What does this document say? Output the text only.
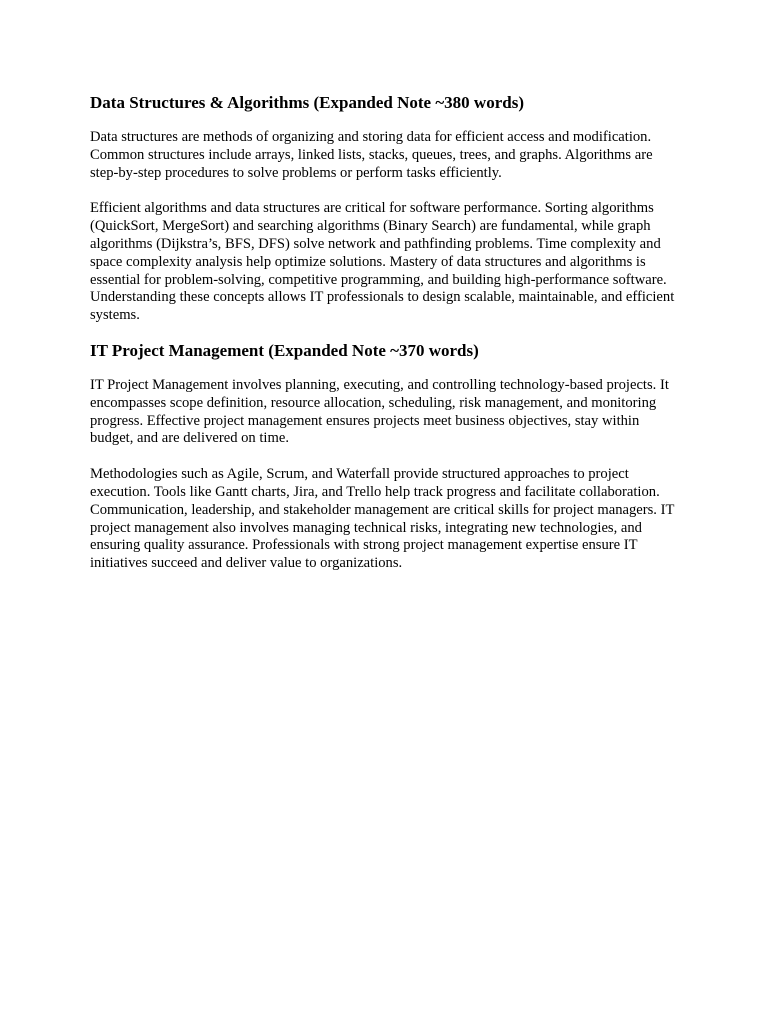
Data Structures & Algorithms (Expanded Note ~380 words)

Data structures are methods of organizing and storing data for efficient access and modification. Common structures include arrays, linked lists, stacks, queues, trees, and graphs. Algorithms are step-by-step procedures to solve problems or perform tasks efficiently.

Efficient algorithms and data structures are critical for software performance. Sorting algorithms (QuickSort, MergeSort) and searching algorithms (Binary Search) are fundamental, while graph algorithms (Dijkstra’s, BFS, DFS) solve network and pathfinding problems. Time complexity and space complexity analysis help optimize solutions. Mastery of data structures and algorithms is essential for problem-solving, competitive programming, and building high-performance software. Understanding these concepts allows IT professionals to design scalable, maintainable, and efficient systems.

IT Project Management (Expanded Note ~370 words)

IT Project Management involves planning, executing, and controlling technology-based projects. It encompasses scope definition, resource allocation, scheduling, risk management, and monitoring progress. Effective project management ensures projects meet business objectives, stay within budget, and are delivered on time.

Methodologies such as Agile, Scrum, and Waterfall provide structured approaches to project execution. Tools like Gantt charts, Jira, and Trello help track progress and facilitate collaboration. Communication, leadership, and stakeholder management are critical skills for project managers. IT project management also involves managing technical risks, integrating new technologies, and ensuring quality assurance. Professionals with strong project management expertise ensure IT initiatives succeed and deliver value to organizations.
